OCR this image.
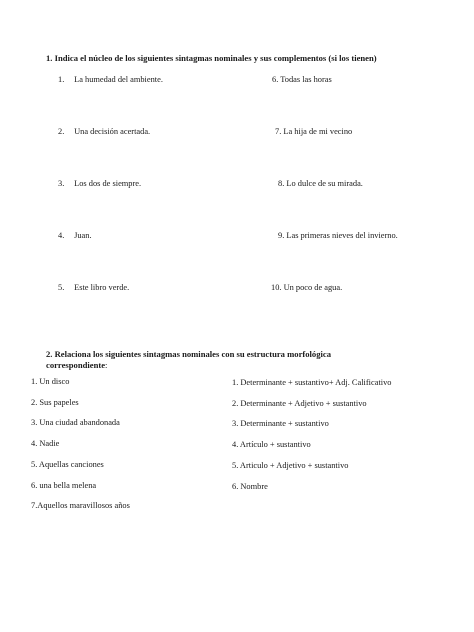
1. Indica el núcleo de los siguientes sintagmas nominales y sus complementos (si los tienen)
1. La humedad del ambiente.
2. Una decisión acertada.
3. Los dos de siempre.
4. Juan.
5. Este libro verde.
6. Todas las horas
7. La hija de mi vecino
8. Lo dulce de su mirada.
9. Las primeras nieves del invierno.
10. Un poco de agua.
2. Relaciona los siguientes sintagmas nominales con su estructura morfológica correspondiente:
1. Un disco
2. Sus papeles
3. Una ciudad abandonada
4. Nadie
5. Aquellas canciones
6. una bella melena
7.Aquellos maravillosos años
1. Determinante + sustantivo+ Adj. Calificativo
2. Determinante + Adjetivo + sustantivo
3. Determinante + sustantivo
4. Artículo + sustantivo
5. Articulo + Adjetivo + sustantivo
6. Nombre
